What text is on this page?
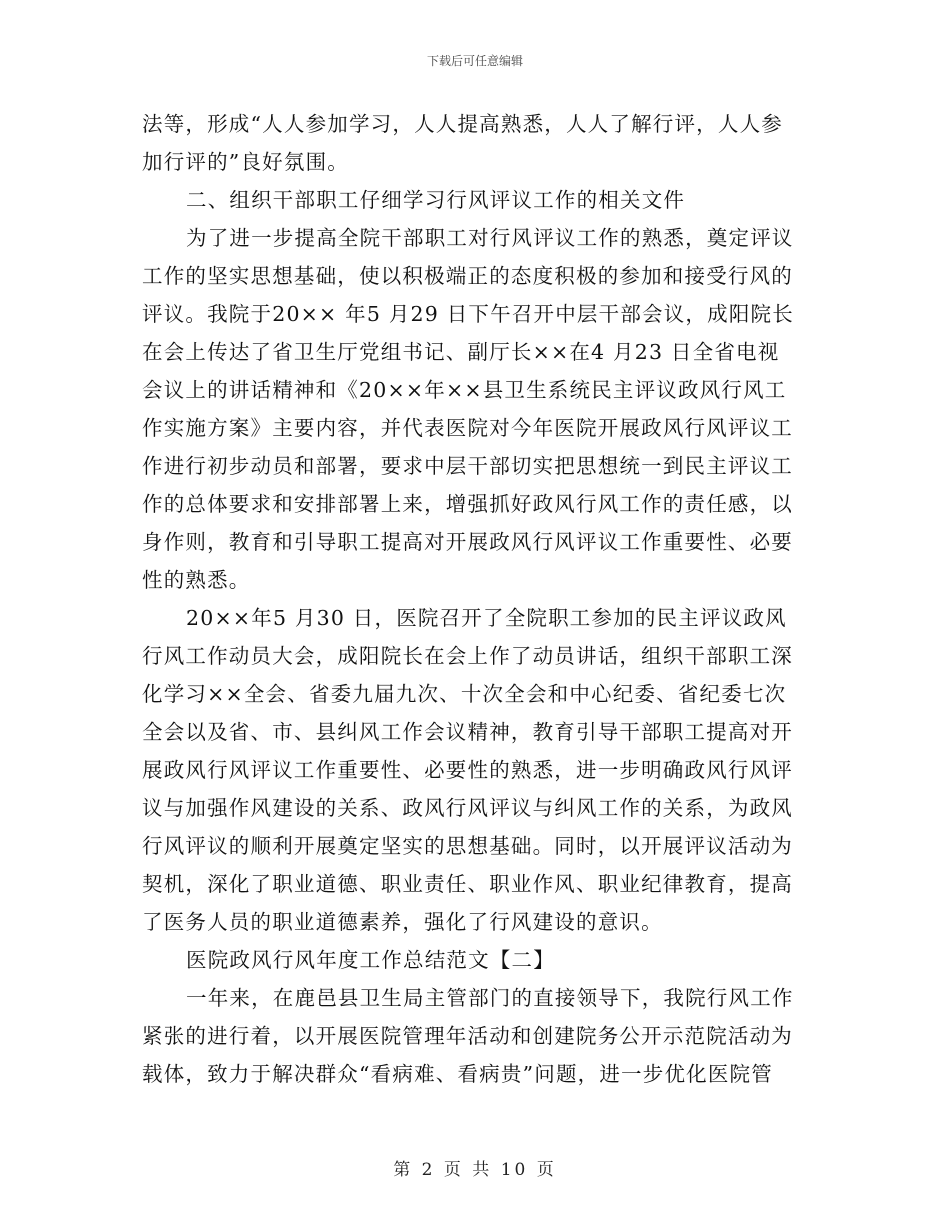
下载后可任意编辑
法等，形成“人人参加学习，人人提高熟悉，人人了解行评，人人参
加行评的”良好氛围。
二、组织干部职工仔细学习行风评议工作的相关文件
为了进一步提高全院干部职工对行风评议工作的熟悉，奠定评议
工作的坚实思想基础，使以积极端正的态度积极的参加和接受行风的
评议。我院于20×× 年5 月29 日下午召开中层干部会议，成阳院长
在会上传达了省卫生厅党组书记、副厅长××在4 月23 日全省电视
会议上的讲话精神和《20××年××县卫生系统民主评议政风行风工
作实施方案》主要内容，并代表医院对今年医院开展政风行风评议工
作进行初步动员和部署，要求中层干部切实把思想统一到民主评议工
作的总体要求和安排部署上来，增强抓好政风行风工作的责任感，以
身作则，教育和引导职工提高对开展政风行风评议工作重要性、必要
性的熟悉。
20××年5 月30 日，医院召开了全院职工参加的民主评议政风
行风工作动员大会，成阳院长在会上作了动员讲话，组织干部职工深
化学习××全会、省委九届九次、十次全会和中心纪委、省纪委七次
全会以及省、市、县纠风工作会议精神，教育引导干部职工提高对开
展政风行风评议工作重要性、必要性的熟悉，进一步明确政风行风评
议与加强作风建设的关系、政风行风评议与纠风工作的关系，为政风
行风评议的顺利开展奠定坚实的思想基础。同时，以开展评议活动为
契机，深化了职业道德、职业责任、职业作风、职业纪律教育，提高
了医务人员的职业道德素养，强化了行风建设的意识。
医院政风行风年度工作总结范文【二】
一年来，在鹿邑县卫生局主管部门的直接领导下，我院行风工作
紧张的进行着，以开展医院管理年活动和创建院务公开示范院活动为
载体，致力于解决群众“看病难、看病贵”问题，进一步优化医院管
第 2 页 共 10 页
